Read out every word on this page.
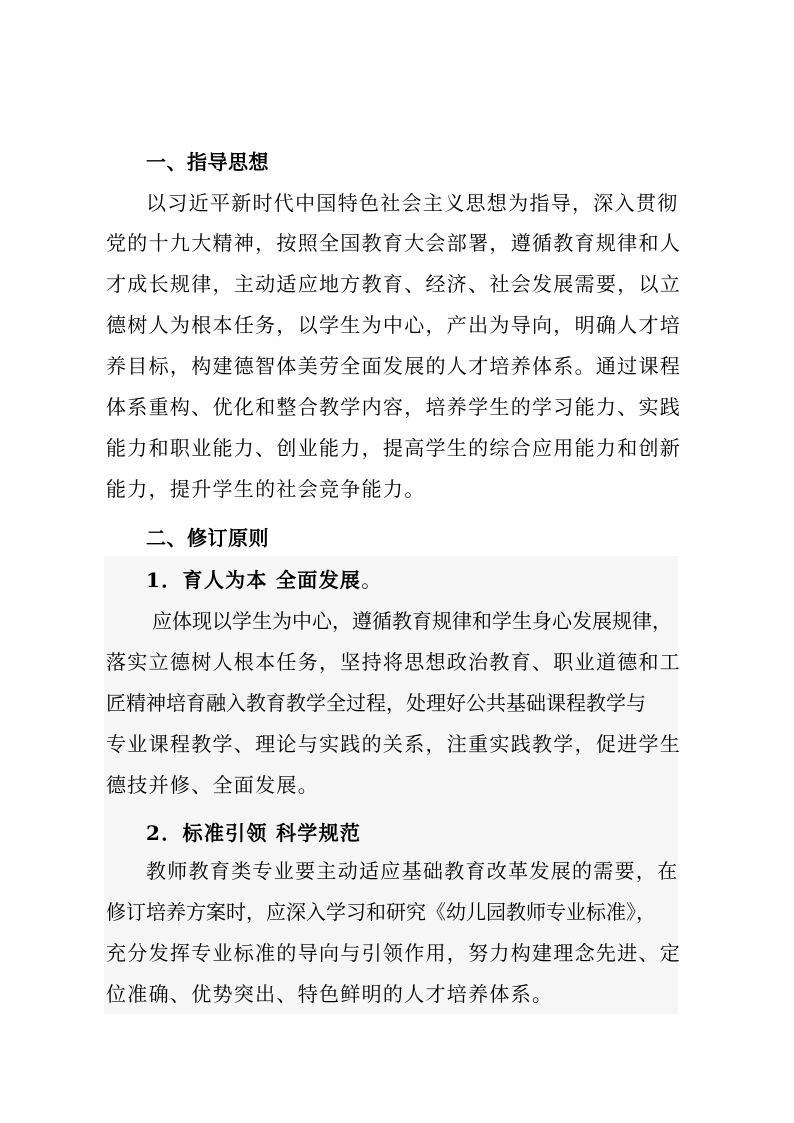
一、指导思想
以习近平新时代中国特色社会主义思想为指导，深入贯彻
党的十九大精神，按照全国教育大会部署，遵循教育规律和人
才成长规律，主动适应地方教育、经济、社会发展需要，以立
德树人为根本任务，以学生为中心，产出为导向，明确人才培
养目标，构建德智体美劳全面发展的人才培养体系。通过课程
体系重构、优化和整合教学内容，培养学生的学习能力、实践
能力和职业能力、创业能力，提高学生的综合应用能力和创新
能力，提升学生的社会竞争能力。
二、修订原则
1．育人为本 全面发展。
应体现以学生为中心，遵循教育规律和学生身心发展规律，
落实立德树人根本任务，坚持将思想政治教育、职业道德和工
匠精神培育融入教育教学全过程，处理好公共基础课程教学与
专业课程教学、理论与实践的关系，注重实践教学，促进学生
德技并修、全面发展。
2．标准引领 科学规范
教师教育类专业要主动适应基础教育改革发展的需要，在
修订培养方案时，应深入学习和研究《幼儿园教师专业标准》，
充分发挥专业标准的导向与引领作用，努力构建理念先进、定
位准确、优势突出、特色鲜明的人才培养体系。
